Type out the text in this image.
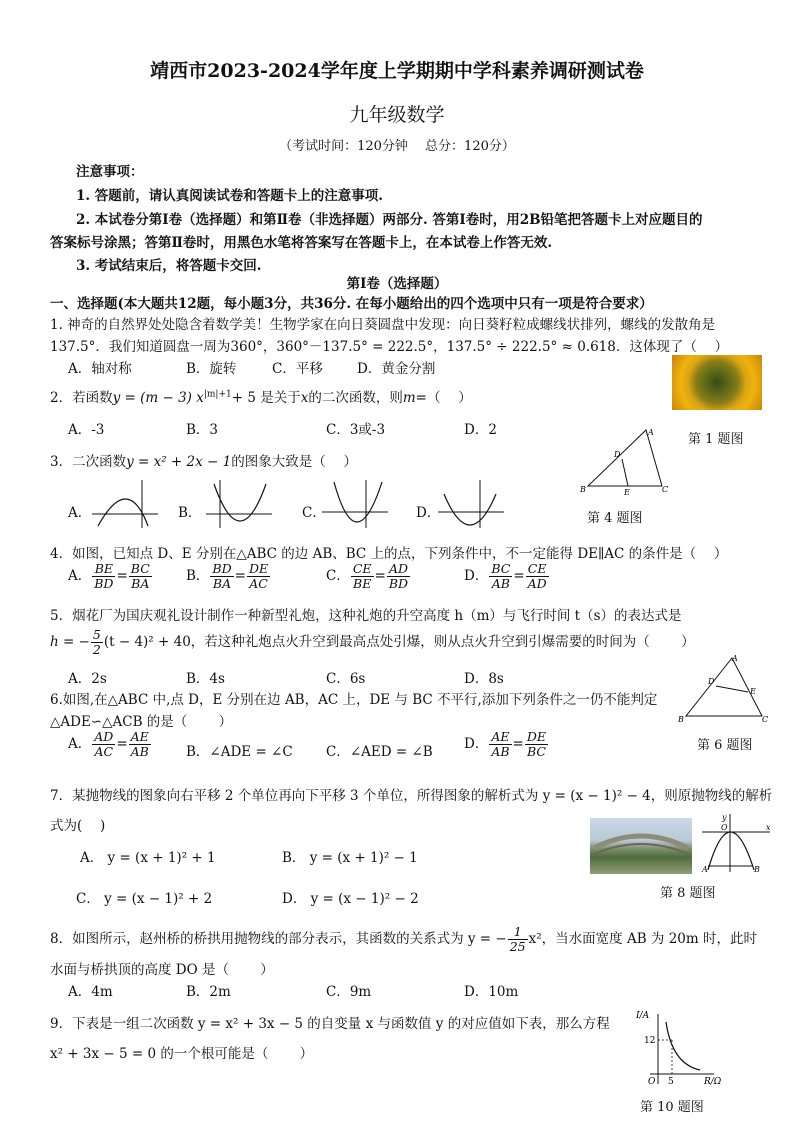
靖西市2023-2024学年度上学期期中学科素养调研测试卷
九年级数学
（考试时间：120分钟　 总分：120分）
注意事项：
1. 答题前，请认真阅读试卷和答题卡上的注意事项.
2. 本试卷分第Ⅰ卷（选择题）和第Ⅱ卷（非选择题）两部分. 答第Ⅰ卷时，用2B铅笔把答题卡上对应题目的
答案标号涂黑；答第Ⅱ卷时，用黑色水笔将答案写在答题卡上，在本试卷上作答无效.
3. 考试结束后，将答题卡交回.
第Ⅰ卷（选择题）
一、选择题(本大题共12题，每小题3分，共36分. 在每小题给出的四个选项中只有一项是符合要求）
1. 神奇的自然界处处隐含着数学美！生物学家在向日葵圆盘中发现：向日葵籽粒成螺线状排列，螺线的发散角是
137.5°．我们知道圆盘一周为360°，360°－137.5° = 222.5°，137.5° ÷ 222.5° ≈ 0.618．这体现了（　 ）
A．轴对称	B．旋转	C．平移	D．黄金分割
第 1 题图
2．若函数y = (m − 3) $x^{|m|+1}+ 5$ 是关于x的二次函数，则m=（　 ）
A．-3	B．3	C．3或-3	D．2
3．二次函数y = x² + 2x − 1的图象大致是（　 ）
A．	B．	C．	D．
A
B	C
D
E
第 4 题图
4．如图，已知点 D、E 分别在△ABC 的边 AB、BC 上的点，下列条件中，不一定能得 DE∥AC 的条件是（　 ）
A． $\frac{BE}{BD} = \frac{BC}{BA}$	B． $\frac{BD}{BA} = \frac{DE}{AC}$	C． $\frac{CE}{BE} = \frac{AD}{BD}$	D． $\frac{BC}{AB} = \frac{CE}{AD}$
5．烟花厂为国庆观礼设计制作一种新型礼炮，这种礼炮的升空高度 h（m）与飞行时间 t（s）的表达式是
h = − $\frac{5}{2} (t - 4)^2 + 40$，若这种礼炮点火升空到最高点处引爆，则从点火升空到引爆需要的时间为（　　 ）
A．2s	B．4s	C．6s	D．8s
6.如图,在△ABC 中,点 D，E 分别在边 AB，AC 上，DE 与 BC 不平行,添加下列条件之一仍不能判定
△ADE∽△ACB 的是（　　 ）
A． $\frac{AD}{AC} = \frac{AE}{AB}$	B．∠ADE = ∠C C．∠AED = ∠B D． $\frac{AE}{AB} = \frac{DE}{BC}$
A
B	C
D
E
第 6 题图
7．某抛物线的图象向右平移 2 个单位再向下平移 3 个单位，所得图象的解析式为 y = (x − 1)² − 4，则原抛物线的解析
式为(　 )
A． y = (x + 1)² + 1	B． y = (x + 1)² − 1
C． y = (x − 1)² + 2	D． y = (x − 1)² − 2
x
y
O
A	B
第 8 题图
8．如图所示，赵州桥的桥拱用抛物线的部分表示，其函数的关系式为 y = − $\frac{1}{25} x^2$，当水面宽度 AB 为 20m 时，此时
水面与桥拱顶的高度 DO 是（　　 ）
A．4m	B．2m	C．9m	D．10m
9．下表是一组二次函数 y = x² + 3x − 5 的自变量 x 与函数值 y 的对应值如下表，那么方程
x² + 3x − 5 = 0 的一个根可能是（　　 ）
I/A
R/Ω
12
5
O
第 10 题图
